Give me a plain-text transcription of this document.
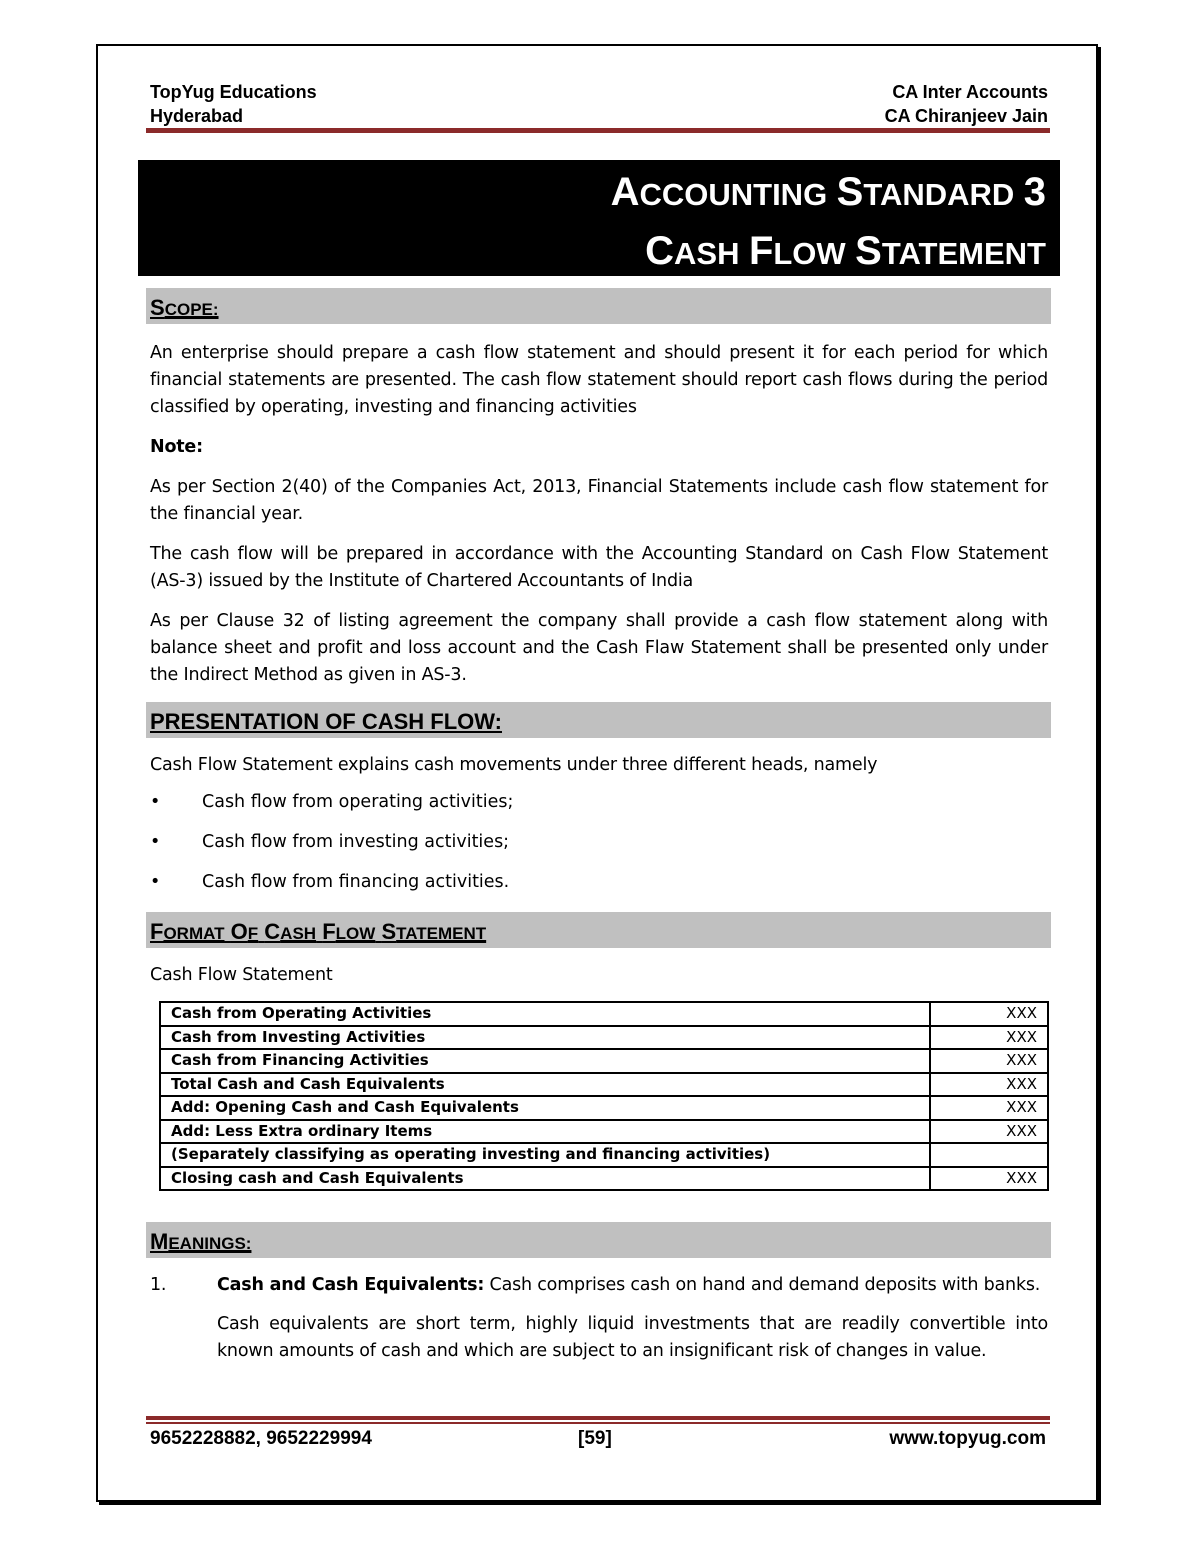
TopYug Educations
Hyderabad
CA Inter Accounts
CA Chiranjeev Jain
ACCOUNTING STANDARD 3
CASH FLOW STATEMENT
SCOPE:
An enterprise should prepare a cash flow statement and should present it for each period for which financial statements are presented. The cash flow statement should report cash flows during the period classified by operating, investing and financing activities
Note:
As per Section 2(40) of the Companies Act, 2013, Financial Statements include cash flow statement for the financial year.
The cash flow will be prepared in accordance with the Accounting Standard on Cash Flow Statement (AS-3) issued by the Institute of Chartered Accountants of India
As per Clause 32 of listing agreement the company shall provide a cash flow statement along with balance sheet and profit and loss account and the Cash Flaw Statement shall be presented only under the Indirect Method as given in AS-3.
PRESENTATION OF CASH FLOW:
Cash Flow Statement explains cash movements under three different heads, namely
• Cash flow from operating activities;
• Cash flow from investing activities;
• Cash flow from financing activities.
FORMAT OF CASH FLOW STATEMENT
Cash Flow Statement
Cash from Operating Activities	XXX
Cash from Investing Activities	XXX
Cash from Financing Activities	XXX
Total Cash and Cash Equivalents	XXX
Add: Opening Cash and Cash Equivalents	XXX
Add: Less Extra ordinary Items	XXX
(Separately classifying as operating investing and financing activities)	
Closing cash and Cash Equivalents	XXX
MEANINGS:
1.	Cash and Cash Equivalents: Cash comprises cash on hand and demand deposits with banks.
Cash equivalents are short term, highly liquid investments that are readily convertible into known amounts of cash and which are subject to an insignificant risk of changes in value.
9652228882, 9652229994	[59]	www.topyug.com
